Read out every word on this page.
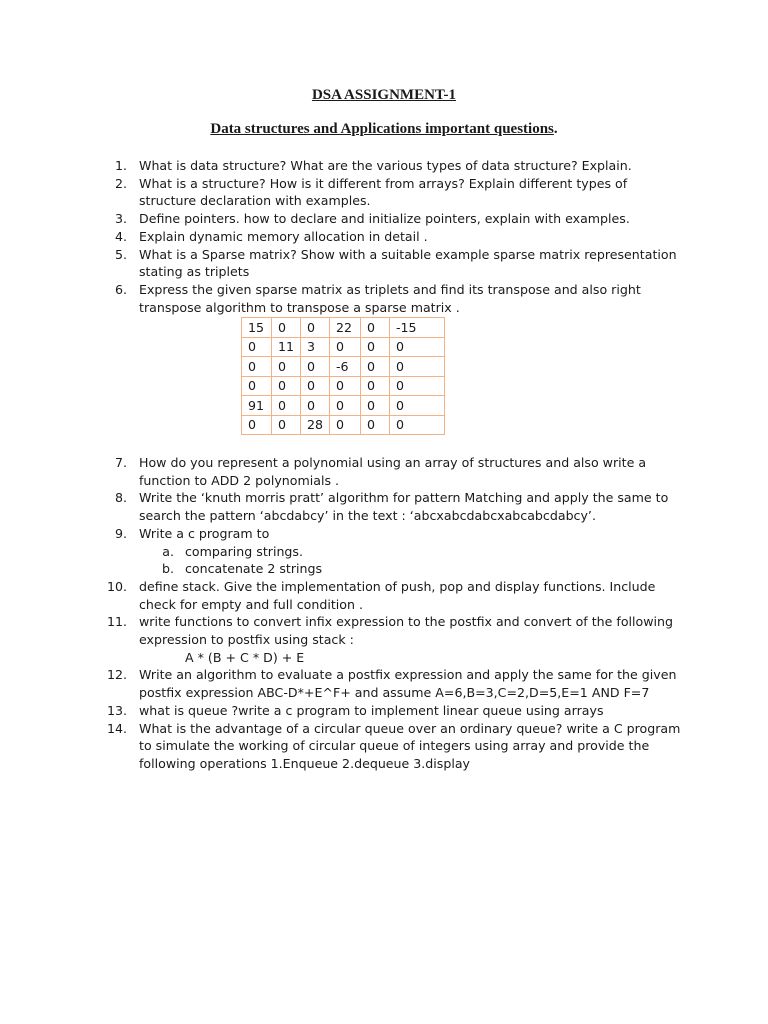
DSA ASSIGNMENT-1
Data structures and Applications important questions.
1. What is data structure? What are the various types of data structure? Explain.
2. What is a structure? How is it different from arrays? Explain different types of
structure declaration with examples.
3. Define pointers. how to declare and initialize pointers, explain with examples.
4. Explain dynamic memory allocation in detail .
5. What is a Sparse matrix? Show with a suitable example sparse matrix representation
stating as triplets
6. Express the given sparse matrix as triplets and find its transpose and also right
transpose algorithm to transpose a sparse matrix .
15	0	0	22	0	-15
0	11	3	0	0	0
0	0	0	-6	0	0
0	0	0	0	0	0
91	0	0	0	0	0
0	0	28	0	0	0
7. How do you represent a polynomial using an array of structures and also write a
function to ADD 2 polynomials .
8. Write the ‘knuth morris pratt’ algorithm for pattern Matching and apply the same to
search the pattern ‘abcdabcy’ in the text : ‘abcxabcdabcxabcabcdabcy’.
9. Write a c program to
a. comparing strings.
b. concatenate 2 strings
10. define stack. Give the implementation of push, pop and display functions. Include
check for empty and full condition .
11. write functions to convert infix expression to the postfix and convert of the following
expression to postfix using stack :
A * (B + C * D) + E
12. Write an algorithm to evaluate a postfix expression and apply the same for the given
postfix expression ABC-D*+E^F+ and assume A=6,B=3,C=2,D=5,E=1 AND F=7
13. what is queue ?write a c program to implement linear queue using arrays
14. What is the advantage of a circular queue over an ordinary queue? write a C program
to simulate the working of circular queue of integers using array and provide the
following operations 1.Enqueue 2.dequeue 3.display
